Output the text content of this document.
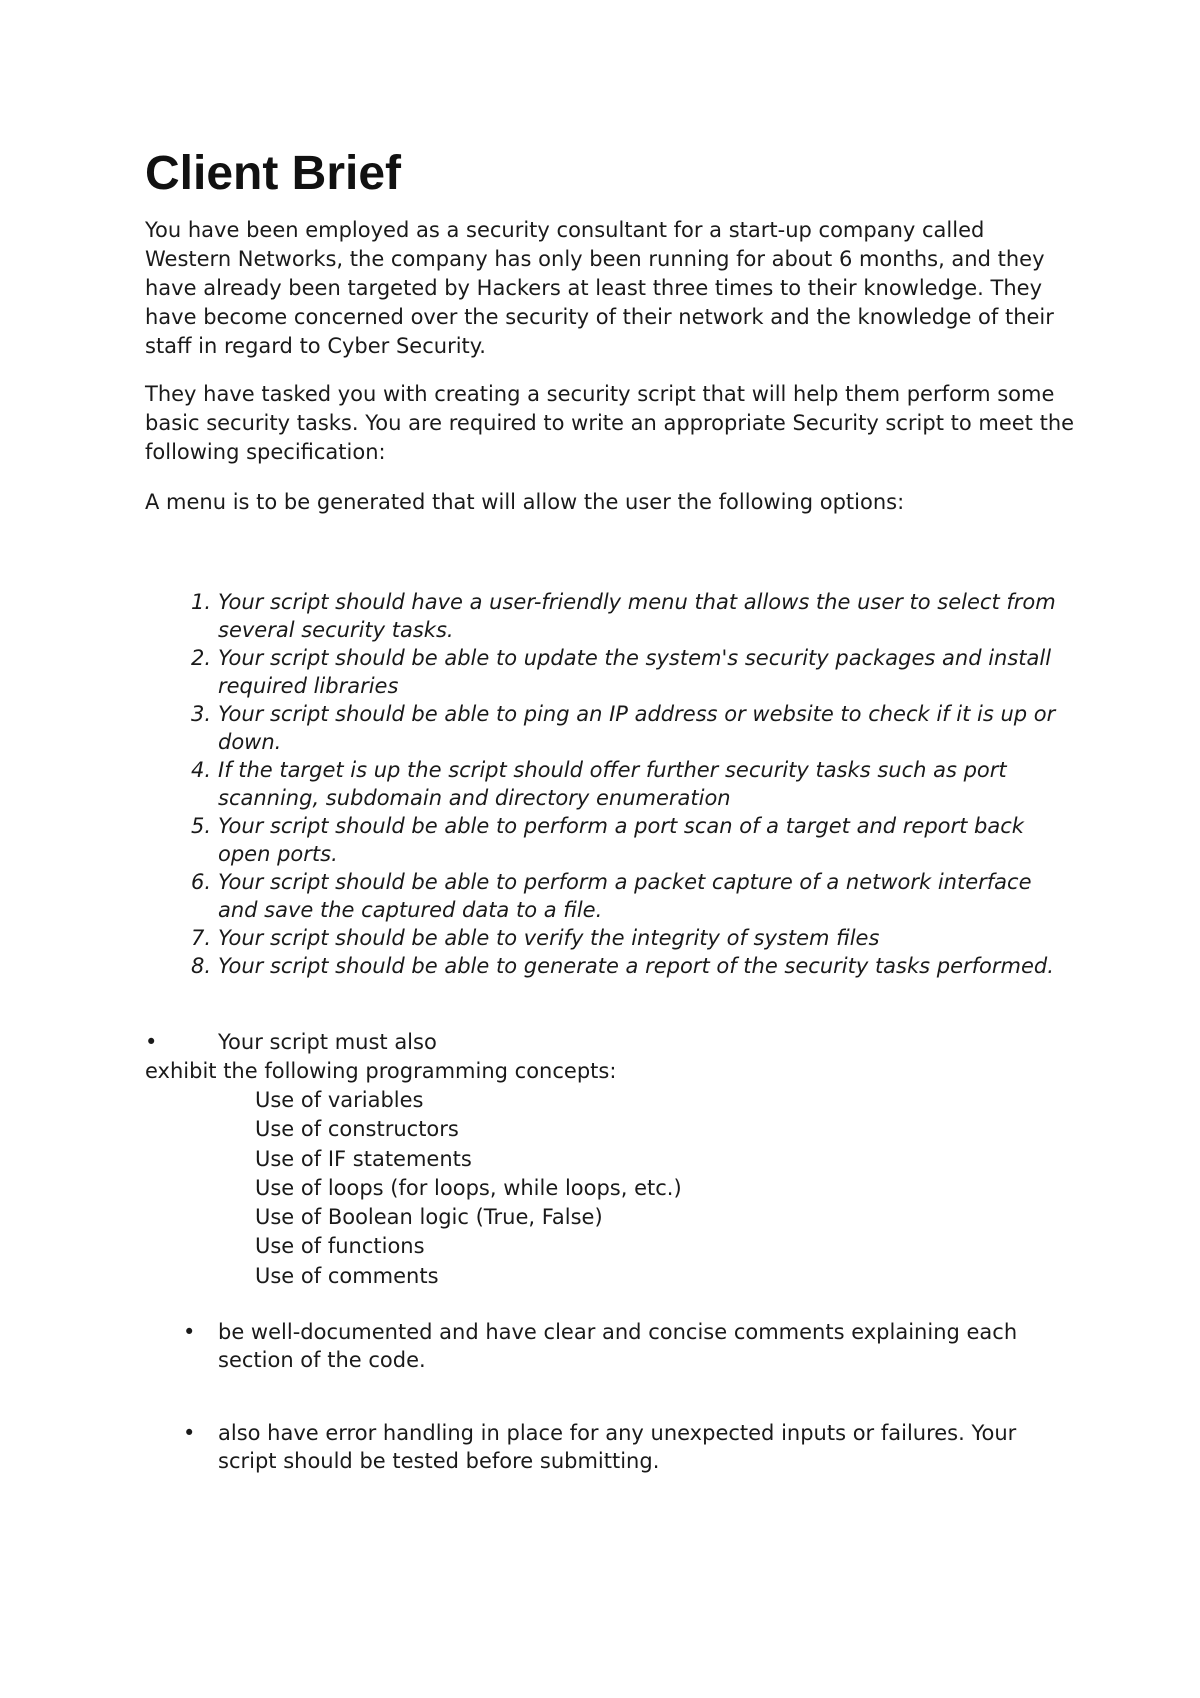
Client Brief

You have been employed as a security consultant for a start-up company called Western Networks, the company has only been running for about 6 months, and they have already been targeted by Hackers at least three times to their knowledge. They have become concerned over the security of their network and the knowledge of their staff in regard to Cyber Security.

They have tasked you with creating a security script that will help them perform some basic security tasks. You are required to write an appropriate Security script to meet the following specification:

A menu is to be generated that will allow the user the following options:

1. Your script should have a user-friendly menu that allows the user to select from several security tasks.
2. Your script should be able to update the system's security packages and install required libraries
3. Your script should be able to ping an IP address or website to check if it is up or down.
4. If the target is up the script should offer further security tasks such as port scanning, subdomain and directory enumeration
5. Your script should be able to perform a port scan of a target and report back open ports.
6. Your script should be able to perform a packet capture of a network interface and save the captured data to a file.
7. Your script should be able to verify the integrity of system files
8. Your script should be able to generate a report of the security tasks performed.
•	Your script must also
exhibit the following programming concepts:
Use of variables
Use of constructors
Use of IF statements
Use of loops (for loops, while loops, etc.)
Use of Boolean logic (True, False)
Use of functions
Use of comments
• be well-documented and have clear and concise comments explaining each section of the code.
• also have error handling in place for any unexpected inputs or failures. Your script should be tested before submitting.
